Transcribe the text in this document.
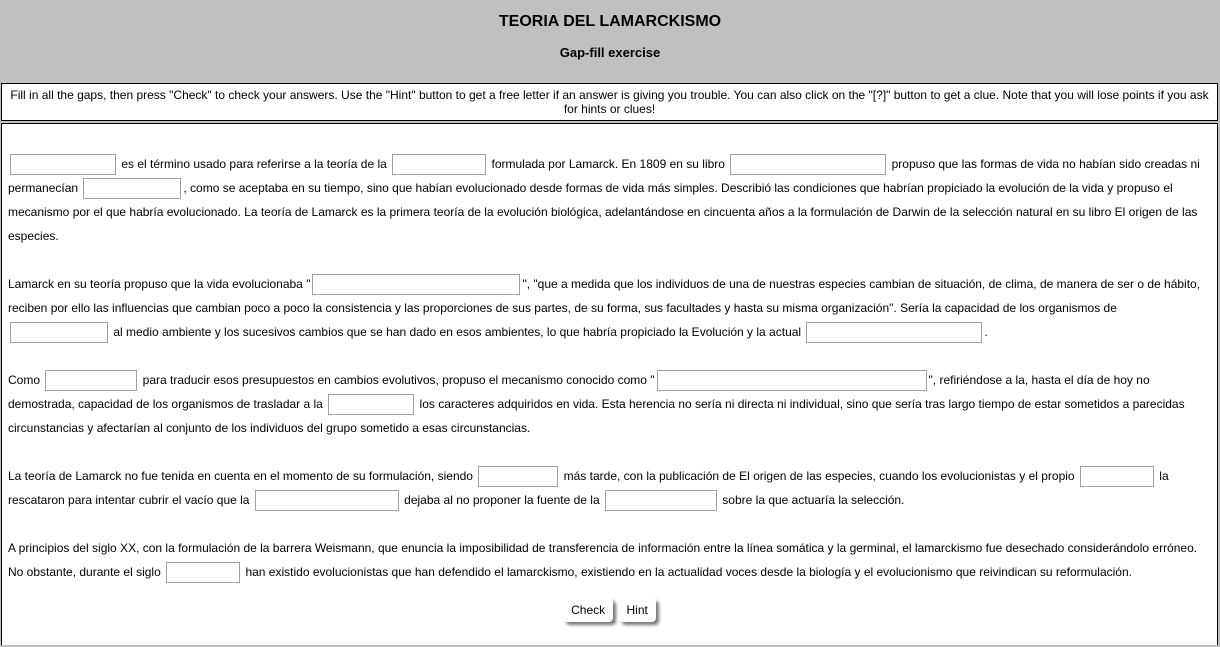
TEORIA DEL LAMARCKISMO
Gap-fill exercise
Fill in all the gaps, then press "Check" to check your answers. Use the "Hint" button to get a free letter if an answer is giving you trouble. You can also click on the "[?]" button to get a clue. Note that you will lose points if you ask for hints or clues!

es el término usado para referirse a la teoría de la	formulada por Lamarck. En 1809 en su libro	propuso que las formas de vida no habían sido creadas ni permanecían	, como se aceptaba en su tiempo, sino que habían evolucionado desde formas de vida más simples. Describió las condiciones que habrían propiciado la evolución de la vida y propuso el mecanismo por el que habría evolucionado. La teoría de Lamarck es la primera teoría de la evolución biológica, adelantándose en cincuenta años a la formulación de Darwin de la selección natural en su libro El origen de las especies.

Lamarck en su teoría propuso que la vida evolucionaba "	", "que a medida que los individuos de una de nuestras especies cambian de situación, de clima, de manera de ser o de hábito, reciben por ello las influencias que cambian poco a poco la consistencia y las proporciones de sus partes, de su forma, sus facultades y hasta su misma organización". Sería la capacidad de los organismos de  al medio ambiente y los sucesivos cambios que se han dado en esos ambientes, lo que habría propiciado la Evolución y la actual	.

Como	para traducir esos presupuestos en cambios evolutivos, propuso el mecanismo conocido como "	", refiriéndose a la, hasta el día de hoy no demostrada, capacidad de los organismos de trasladar a la	los caracteres adquiridos en vida. Esta herencia no sería ni directa ni individual, sino que sería tras largo tiempo de estar sometidos a parecidas circunstancias y afectarían al conjunto de los individuos del grupo sometido a esas circunstancias.

La teoría de Lamarck no fue tenida en cuenta en el momento de su formulación, siendo	más tarde, con la publicación de El origen de las especies, cuando los evolucionistas y el propio	la rescataron para intentar cubrir el vacío que la	dejaba al no proponer la fuente de la	sobre la que actuaría la selección.

A principios del siglo XX, con la formulación de la barrera Weismann, que enuncia la imposibilidad de transferencia de información entre la línea somática y la germinal, el lamarckismo fue desechado considerándolo erróneo. No obstante, durante el siglo	han existido evolucionistas que han defendido el lamarckismo, existiendo en la actualidad voces desde la biología y el evolucionismo que reivindican su reformulación.

Check Hint
